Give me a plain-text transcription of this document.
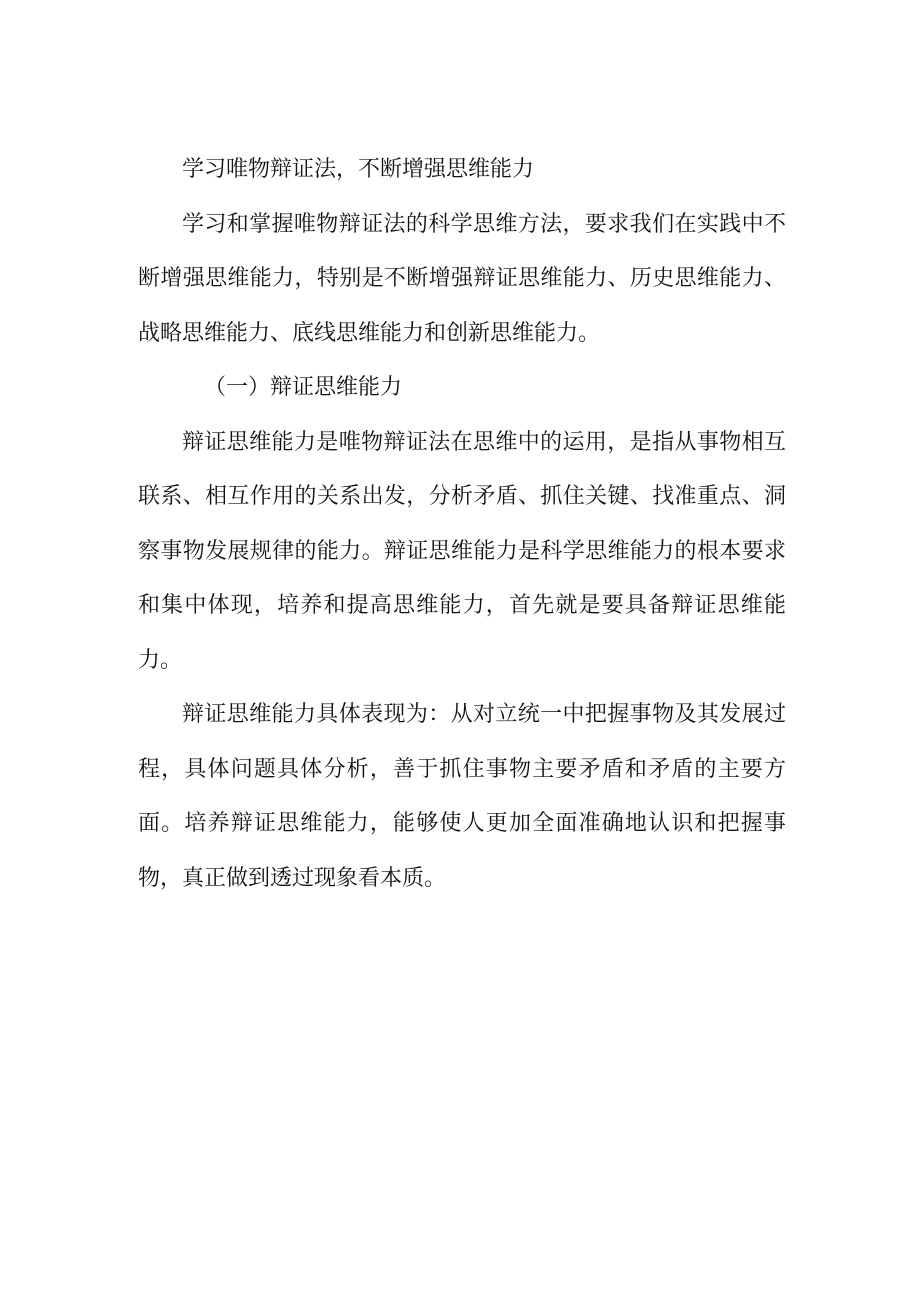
学习唯物辩证法，不断增强思维能力

学习和掌握唯物辩证法的科学思维方法，要求我们在实践中不断增强思维能力，特别是不断增强辩证思维能力、历史思维能力、战略思维能力、底线思维能力和创新思维能力。

（一）辩证思维能力

辩证思维能力是唯物辩证法在思维中的运用，是指从事物相互联系、相互作用的关系出发，分析矛盾、抓住关键、找准重点、洞察事物发展规律的能力。辩证思维能力是科学思维能力的根本要求和集中体现，培养和提高思维能力，首先就是要具备辩证思维能力。

辩证思维能力具体表现为：从对立统一中把握事物及其发展过程，具体问题具体分析，善于抓住事物主要矛盾和矛盾的主要方面。培养辩证思维能力，能够使人更加全面准确地认识和把握事物，真正做到透过现象看本质。
